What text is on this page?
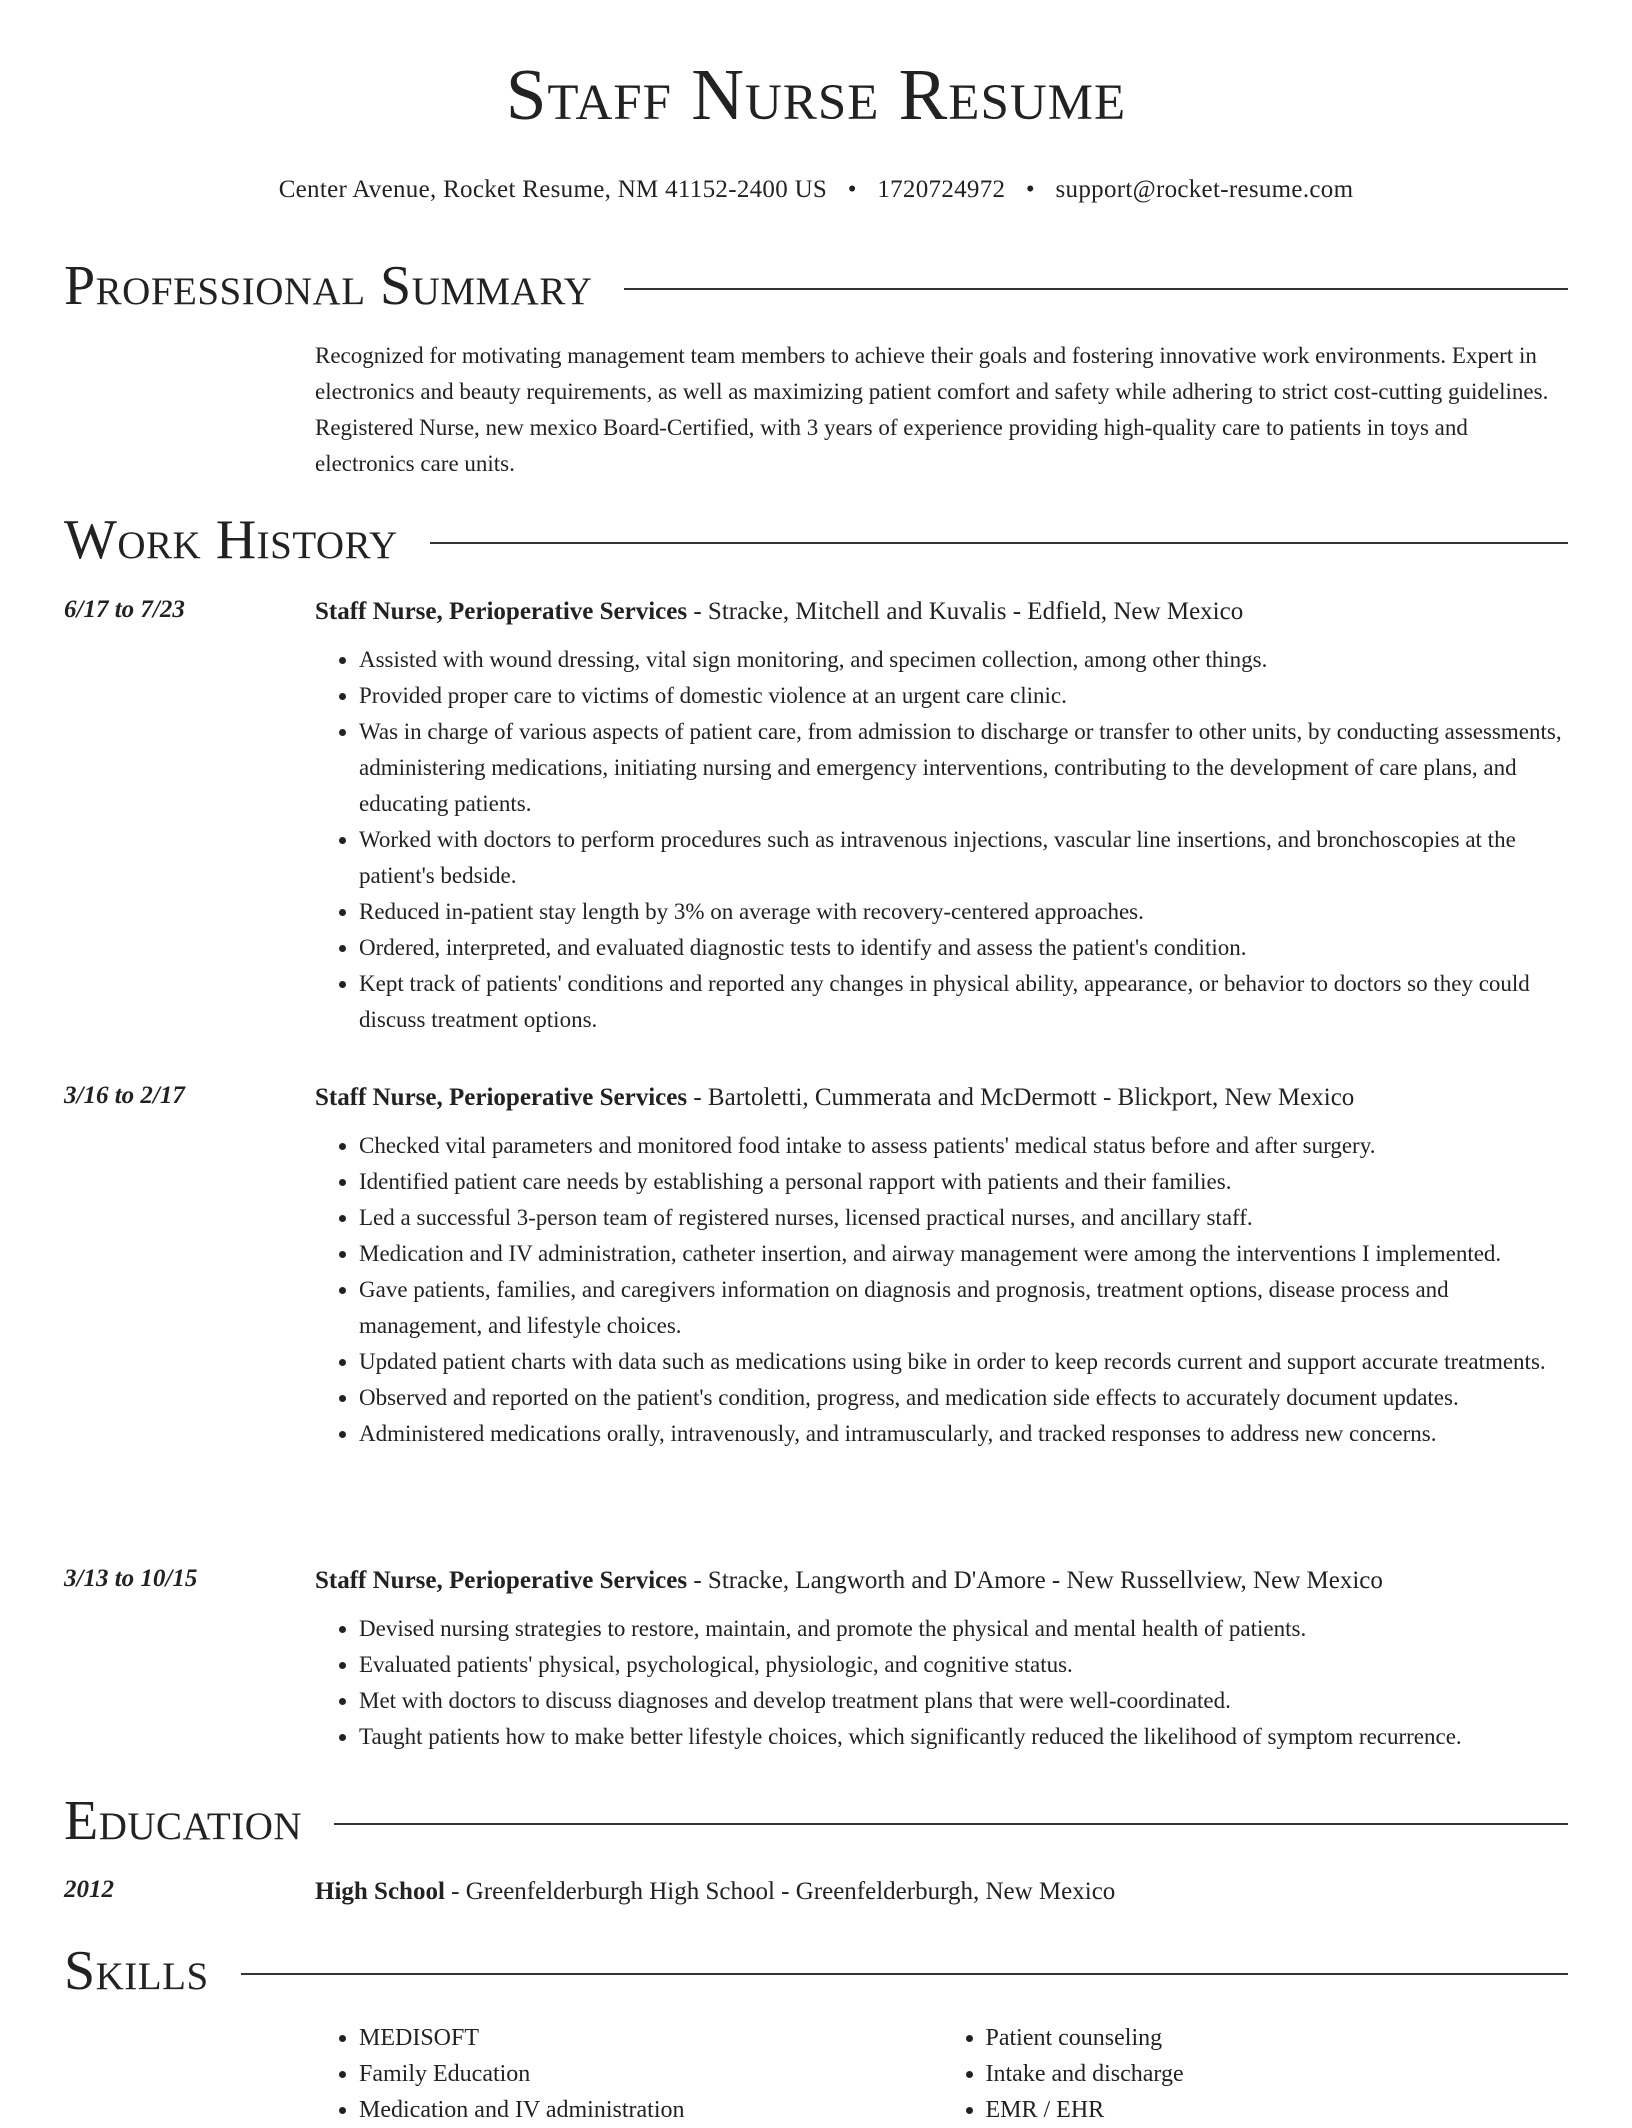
Staff Nurse Resume
Center Avenue, Rocket Resume, NM 41152-2400 US • 1720724972 • support@rocket-resume.com
Professional Summary

Recognized for motivating management team members to achieve their goals and fostering innovative work environments. Expert in electronics and beauty requirements, as well as maximizing patient comfort and safety while adhering to strict cost-cutting guidelines. Registered Nurse, new mexico Board-Certified, with 3 years of experience providing high-quality care to patients in toys and electronics care units.

Work History
6/17 to 7/23	Staff Nurse, Perioperative Services - Stracke, Mitchell and Kuvalis - Edfield, New Mexico
• Assisted with wound dressing, vital sign monitoring, and specimen collection, among other things.
• Provided proper care to victims of domestic violence at an urgent care clinic.
• Was in charge of various aspects of patient care, from admission to discharge or transfer to other units, by conducting assessments, administering medications, initiating nursing and emergency interventions, contributing to the development of care plans, and educating patients.
• Worked with doctors to perform procedures such as intravenous injections, vascular line insertions, and bronchoscopies at the patient's bedside.
• Reduced in-patient stay length by 3% on average with recovery-centered approaches.
• Ordered, interpreted, and evaluated diagnostic tests to identify and assess the patient's condition.
• Kept track of patients' conditions and reported any changes in physical ability, appearance, or behavior to doctors so they could discuss treatment options.
3/16 to 2/17	Staff Nurse, Perioperative Services - Bartoletti, Cummerata and McDermott - Blickport, New Mexico
• Checked vital parameters and monitored food intake to assess patients' medical status before and after surgery.
• Identified patient care needs by establishing a personal rapport with patients and their families.
• Led a successful 3-person team of registered nurses, licensed practical nurses, and ancillary staff.
• Medication and IV administration, catheter insertion, and airway management were among the interventions I implemented.
• Gave patients, families, and caregivers information on diagnosis and prognosis, treatment options, disease process and management, and lifestyle choices.
• Updated patient charts with data such as medications using bike in order to keep records current and support accurate treatments.
• Observed and reported on the patient's condition, progress, and medication side effects to accurately document updates.
• Administered medications orally, intravenously, and intramuscularly, and tracked responses to address new concerns.
3/13 to 10/15	Staff Nurse, Perioperative Services - Stracke, Langworth and D'Amore - New Russellview, New Mexico
• Devised nursing strategies to restore, maintain, and promote the physical and mental health of patients.
• Evaluated patients' physical, psychological, physiologic, and cognitive status.
• Met with doctors to discuss diagnoses and develop treatment plans that were well-coordinated.
• Taught patients how to make better lifestyle choices, which significantly reduced the likelihood of symptom recurrence.
Education
2012	High School - Greenfelderburgh High School - Greenfelderburgh, New Mexico
Skills
• MEDISOFT
• Family Education
• Medication and IV administration
• Patient counseling
• Intake and discharge
• EMR / EHR
